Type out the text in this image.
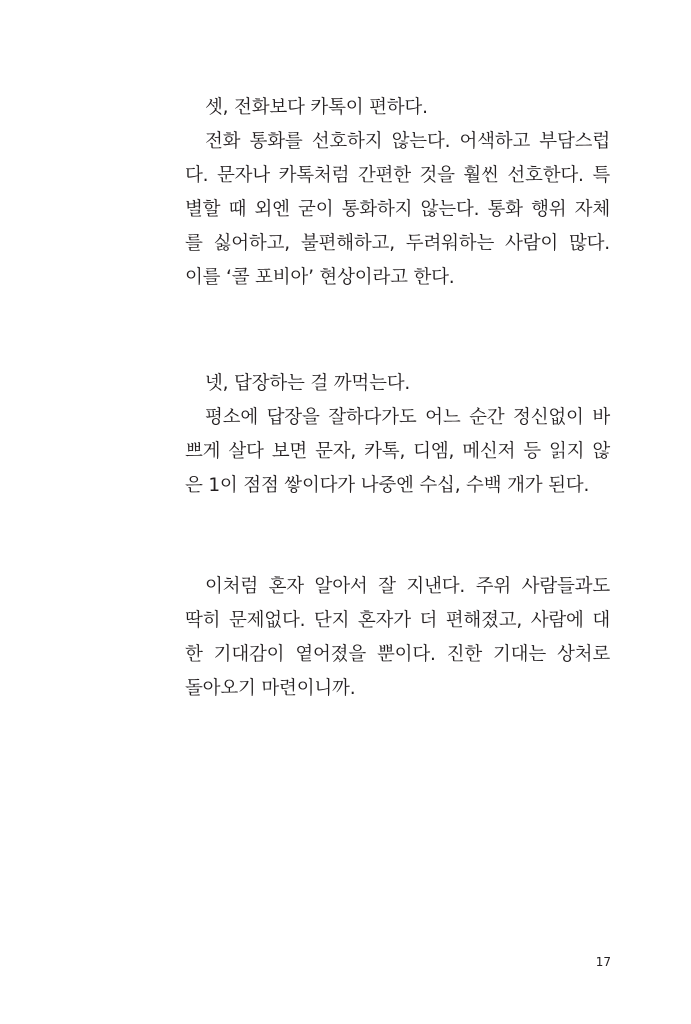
셋, 전화보다 카톡이 편하다.
전화 통화를 선호하지 않는다. 어색하고 부담스럽
다. 문자나 카톡처럼 간편한 것을 훨씬 선호한다. 특
별할 때 외엔 굳이 통화하지 않는다. 통화 행위 자체
를 싫어하고, 불편해하고, 두려워하는 사람이 많다.
이를 ‘콜 포비아’ 현상이라고 한다.
넷, 답장하는 걸 까먹는다.
평소에 답장을 잘하다가도 어느 순간 정신없이 바
쁘게 살다 보면 문자, 카톡, 디엠, 메신저 등 읽지 않
은 1이 점점 쌓이다가 나중엔 수십, 수백 개가 된다.
이처럼 혼자 알아서 잘 지낸다. 주위 사람들과도
딱히 문제없다. 단지 혼자가 더 편해졌고, 사람에 대
한 기대감이 옅어졌을 뿐이다. 진한 기대는 상처로
돌아오기 마련이니까.
17
